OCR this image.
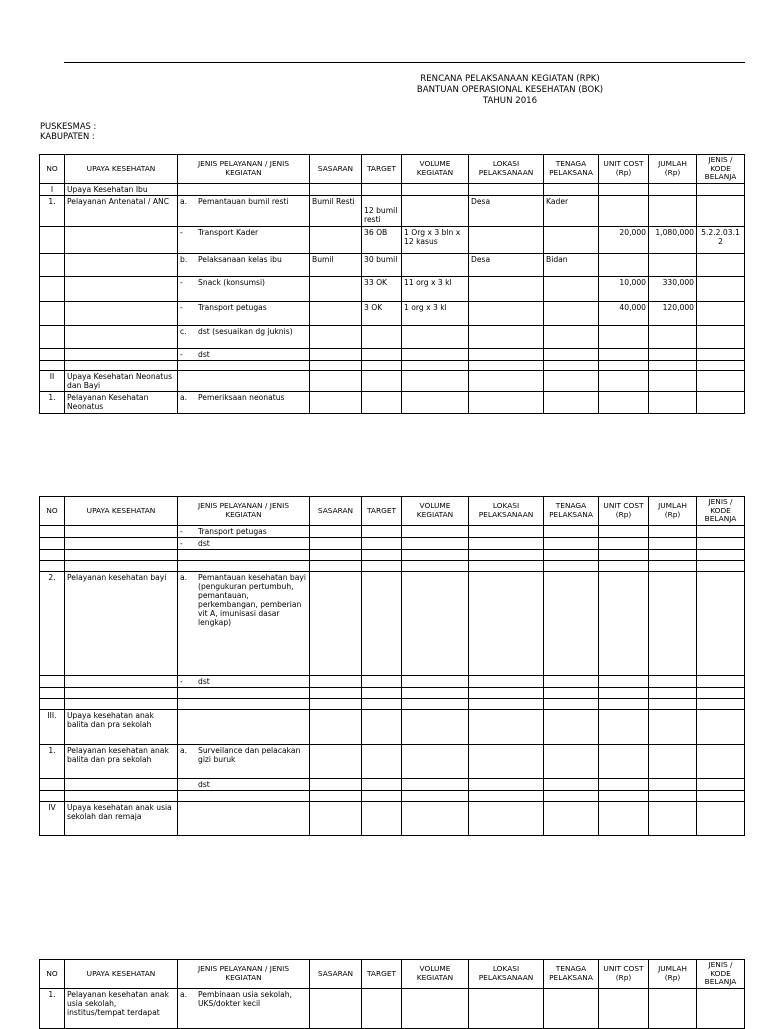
RENCANA PELAKSANAAN KEGIATAN (RPK)
BANTUAN OPERASIONAL KESEHATAN (BOK)
TAHUN 2016
PUSKESMAS :
KABUPATEN :
NO	UPAYA KESEHATAN	JENIS PELAYANAN / JENIS KEGIATAN	SASARAN	TARGET	VOLUME KEGIATAN	LOKASI PELAKSANAAN	TENAGA PELAKSANA	UNIT COST (Rp)	JUMLAH (Rp)	JENIS / KODE BELANJA
I	Upaya Kesehatan Ibu									
1.	Pelayanan Antenatal / ANC	a. Pemantauan bumil resti	Bumil Resti	12 bumil resti		Desa	Kader			
		- Transport Kader		36 OB	1 Org x 3 bln x 12 kasus			20,000	1,080,000	5.2.2.03.12
		b. Pelaksanaan kelas ibu	Bumil	30 bumil		Desa	Bidan			
		- Snack (konsumsi)		33 OK	11 org x 3 kl			10,000	330,000	
		- Transport petugas		3 OK	1 org x 3 kl			40,000	120,000	
		c. dst (sesuaikan dg juknis)								
		- dst								

II	Upaya Kesehatan Neonatus dan Bayi									
1.	Pelayanan Kesehatan Neonatus	a. Pemeriksaan neonatus								
NO	UPAYA KESEHATAN	JENIS PELAYANAN / JENIS KEGIATAN	SASARAN	TARGET	VOLUME KEGIATAN	LOKASI PELAKSANAAN	TENAGA PELAKSANA	UNIT COST (Rp)	JUMLAH (Rp)	JENIS / KODE BELANJA
		- Transport petugas								
		- dst								

2.	Pelayanan kesehatan bayi	a. Pemantauan kesehatan bayi (pengukuran pertumbuh, pemantauan, perkembangan, pemberian vit A, imunisasi dasar lengkap)								
		- dst								

III.	Upaya kesehatan anak balita dan pra sekolah									
1.	Pelayanan kesehatan anak balita dan pra sekolah	a. Surveilance dan pelacakan gizi buruk								
		dst								

IV	Upaya kesehatan anak usia sekolah dan remaja									
NO	UPAYA KESEHATAN	JENIS PELAYANAN / JENIS KEGIATAN	SASARAN	TARGET	VOLUME KEGIATAN	LOKASI PELAKSANAAN	TENAGA PELAKSANA	UNIT COST (Rp)	JUMLAH (Rp)	JENIS / KODE BELANJA
1.	Pelayanan kesehatan anak usia sekolah, institus/tempat terdapat	a. Pembinaan usia sekolah, UKS/dokter kecil								
